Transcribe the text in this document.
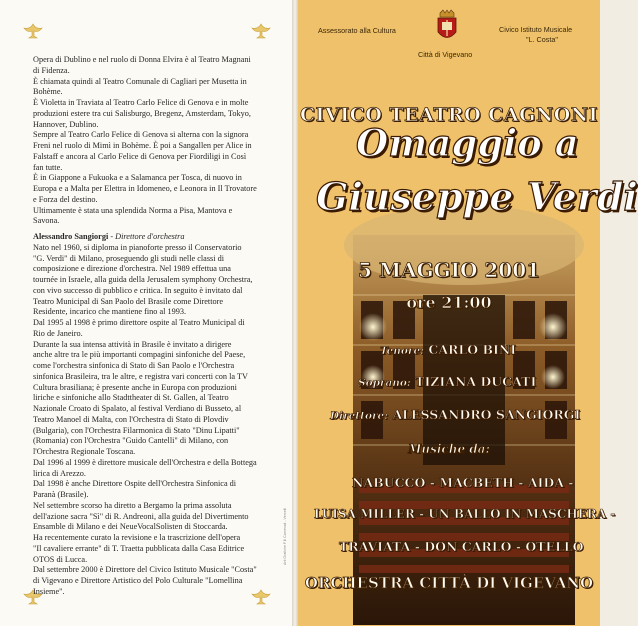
Opera di Dublino e nel ruolo di Donna Elvira è al Teatro Magnani

di Fidenza.

È chiamata quindi al Teatro Comunale di Cagliari per Musetta in

Bohème.

È Violetta in Traviata al Teatro Carlo Felice di Genova e in molte

produzioni estere tra cui Salisburgo, Bregenz, Amsterdam, Tokyo,

Hannover, Dublino.

Sempre al Teatro Carlo Felice di Genova si alterna con la signora

Freni nel ruolo di Mimì in Bohème. È poi a Sangallen per Alice in

Falstaff e ancora al Carlo Felice di Genova per Fiordiligi in Così

fan tutte.

È in Giappone a Fukuoka e a Salamanca per Tosca, di nuovo in

Europa e a Malta per Elettra in Idomeneo, e Leonora in Il Trovatore

e Forza del destino.

Ultimamente è stata una splendida Norma a Pisa, Mantova e

Savona.

Alessandro Sangiorgi - Direttore d'orchestra

Nato nel 1960, si diploma in pianoforte presso il Conservatorio

"G. Verdi" di Milano, proseguendo gli studi nelle classi di

composizione e direzione d'orchestra. Nel 1989 effettua una

tournée in Israele, alla guida della Jerusalem symphony Orchestra,

con vivo successo di pubblico e critica. In seguito è invitato dal

Teatro Municipal di San Paolo del Brasile come Direttore

Residente, incarico che mantiene fino al 1993.

Dal 1995 al 1998 è primo direttore ospite al Teatro Municipal di

Rio de Janeiro.

Durante la sua intensa attività in Brasile è invitato a dirigere

anche altre tra le più importanti compagini sinfoniche del Paese,

come l'orchestra sinfonica di Stato di San Paolo e l'Orchestra

sinfonica Brasileira, tra le altre, e registra vari concerti con la TV

Cultura brasiliana; è presente anche in Europa con produzioni

liriche e sinfoniche allo Stadttheater di St. Gallen, al Teatro

Nazionale Croato di Spalato, al festival Verdiano di Busseto, al

Teatro Manoel di Malta, con l'Orchestra di Stato di Plovdiv

(Bulgaria), con l'Orchestra Filarmonica di Stato "Dinu Lipatti"

(Romania) con l'Orchestra "Guido Cantelli" di Milano, con

l'Orchestra Regionale Toscana.

Dal 1996 al 1999 è direttore musicale dell'Orchestra e della Bottega

lirica di Arezzo.

Dal 1998 è anche Direttore Ospite dell'Orchestra Sinfonica di

Paranà (Brasile).

Nel settembre scorso ha diretto a Bergamo la prima assoluta

dell'azione sacra "Sì" di R. Andreoni, alla guida del Divertimento

Ensamble di Milano e dei NeueVocalSolisten di Stoccarda.

Ha recentemente curato la revisione e la trascrizione dell'opera

"Il cavaliere errante" di T. Traetta pubblicata dalla Casa Editrice

OTOS di Lucca.

Dal settembre 2000 è Direttore del Civico Istituto Musicale "Costa"

di Vigevano e Direttore Artistico del Polo Culturale "Lomellina

Insieme".

Arti Grafiche F.lli Carnevali - Vercelli
Assessorato alla Cultura
Città di Vigevano
Civico Istituto Musicale
"L. Costa"
CIVICO TEATRO CAGNONI
Omaggio a
Giuseppe Verdi
5 MAGGIO 2001
ore 21:00
Tenore: CARLO BINI
Soprano: TIZIANA DUCATI
Direttore: ALESSANDRO SANGIORGI
Musiche da:
NABUCCO - MACBETH - AIDA -
LUISA MILLER - UN BALLO IN MASCHERA -
TRAVIATA - DON CARLO - OTELLO
ORCHESTRA CITTÀ DI VIGEVANO
